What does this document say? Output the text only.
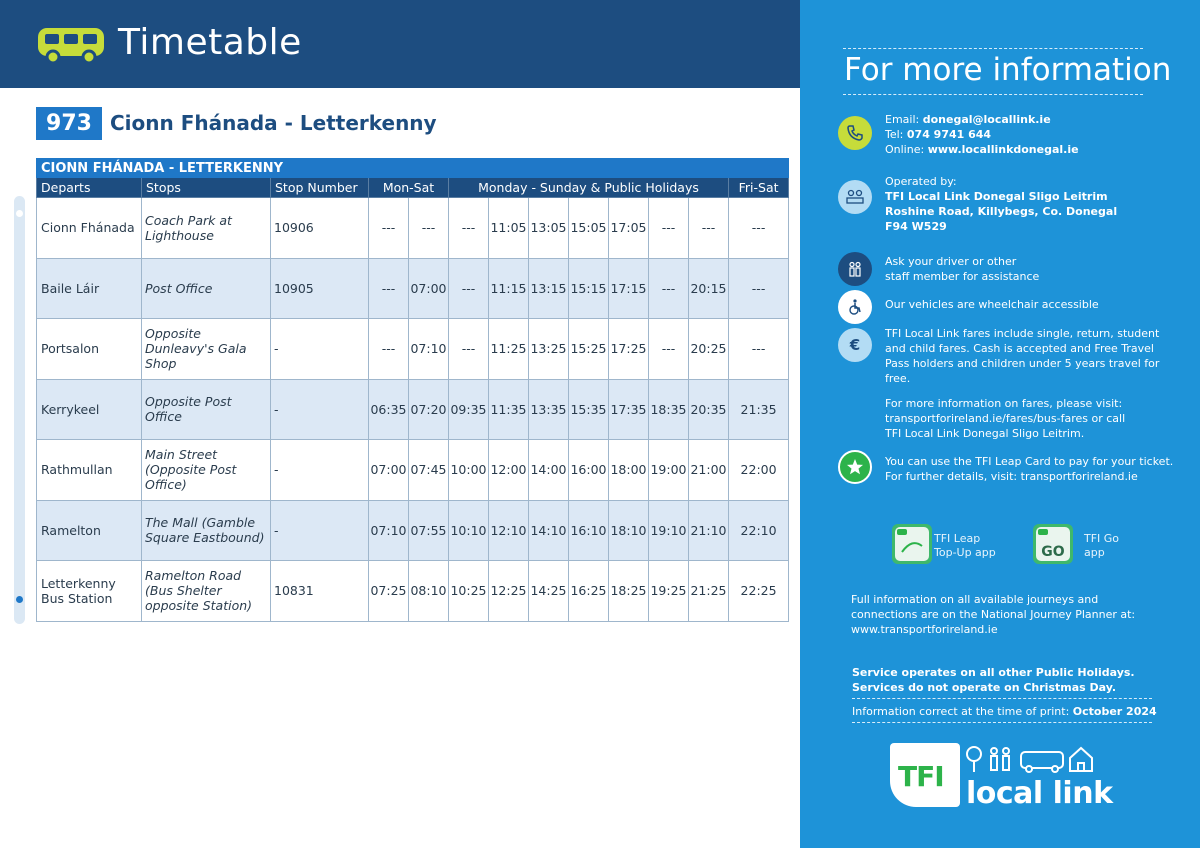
Timetable
973 Cionn Fhánada - Letterkenny
CIONN FHÁNADA - LETTERKENNY												
Departs	Stops	Stop Number	Mon-Sat		Monday - Sunday & Public Holidays							Fri-Sat
Cionn Fhánada	Coach Park at Lighthouse	10906	---	---	---	11:05	13:05	15:05	17:05	---	---	---
Baile Láir	Post Office	10905	---	07:00	---	11:15	13:15	15:15	17:15	---	20:15	---
Portsalon	Opposite Dunleavy's Gala Shop	-	---	07:10	---	11:25	13:25	15:25	17:25	---	20:25	---
Kerrykeel	Opposite Post Office	-	06:35	07:20	09:35	11:35	13:35	15:35	17:35	18:35	20:35	21:35
Rathmullan	Main Street (Opposite Post Office)	-	07:00	07:45	10:00	12:00	14:00	16:00	18:00	19:00	21:00	22:00
Ramelton	The Mall (Gamble Square Eastbound)	-	07:10	07:55	10:10	12:10	14:10	16:10	18:10	19:10	21:10	22:10
Letterkenny Bus Station	Ramelton Road (Bus Shelter opposite Station)	10831	07:25	08:10	10:25	12:25	14:25	16:25	18:25	19:25	21:25	22:25
For more information
Email: donegal@locallink.ie
Tel: 074 9741 644
Online: www.locallinkdonegal.ie
Operated by:
TFI Local Link Donegal Sligo Leitrim
Roshine Road, Killybegs, Co. Donegal
F94 W529
Ask your driver or other
staff member for assistance
Our vehicles are wheelchair accessible
€
TFI Local Link fares include single, return, student
and child fares. Cash is accepted and Free Travel
Pass holders and children under 5 years travel for
free.
For more information on fares, please visit:
transportforireland.ie/fares/bus-fares or call
TFI Local Link Donegal Sligo Leitrim.
You can use the TFI Leap Card to pay for your ticket.
For further details, visit: transportforireland.ie
TFI Leap
Top-Up app	GO
TFI Go
app
Full information on all available journeys and
connections are on the National Journey Planner at:
www.transportforireland.ie
Service operates on all other Public Holidays.
Services do not operate on Christmas Day.
Information correct at the time of print: October 2024
TFI local link
